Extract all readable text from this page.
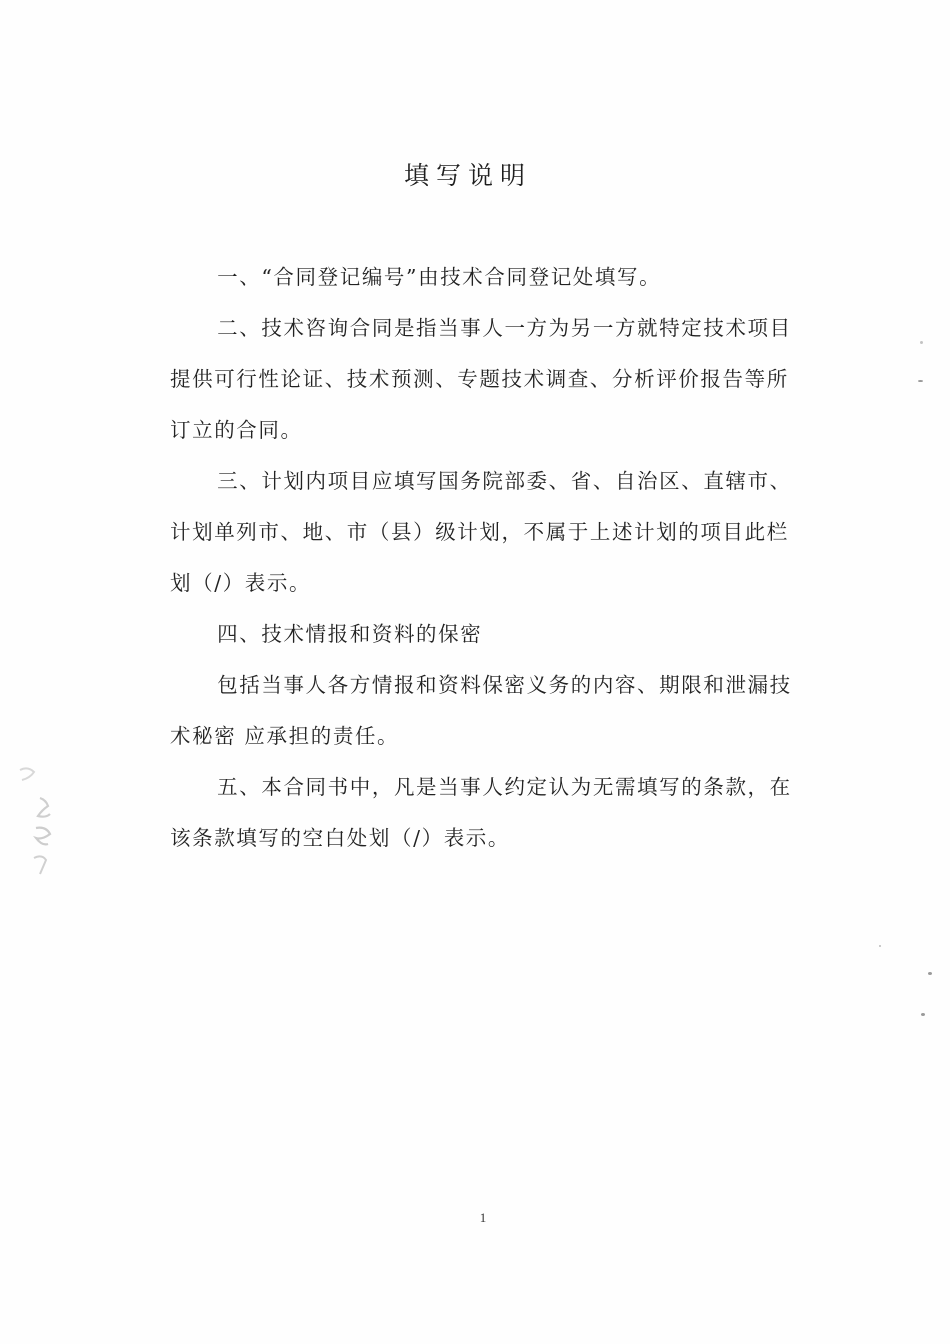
填写说明

一、“合同登记编号”由技术合同登记处填写。

二、技术咨询合同是指当事人一方为另一方就特定技术项目提供可行性论证、技术预测、专题技术调查、分析评价报告等所订立的合同。

三、计划内项目应填写国务院部委、省、自治区、直辖市、计划单列市、地、市（县）级计划，不属于上述计划的项目此栏划（/）表示。

四、技术情报和资料的保密

包括当事人各方情报和资料保密义务的内容、期限和泄漏技术秘密 应承担的责任。

五、本合同书中，凡是当事人约定认为无需填写的条款，在该条款填写的空白处划（/）表示。

1
